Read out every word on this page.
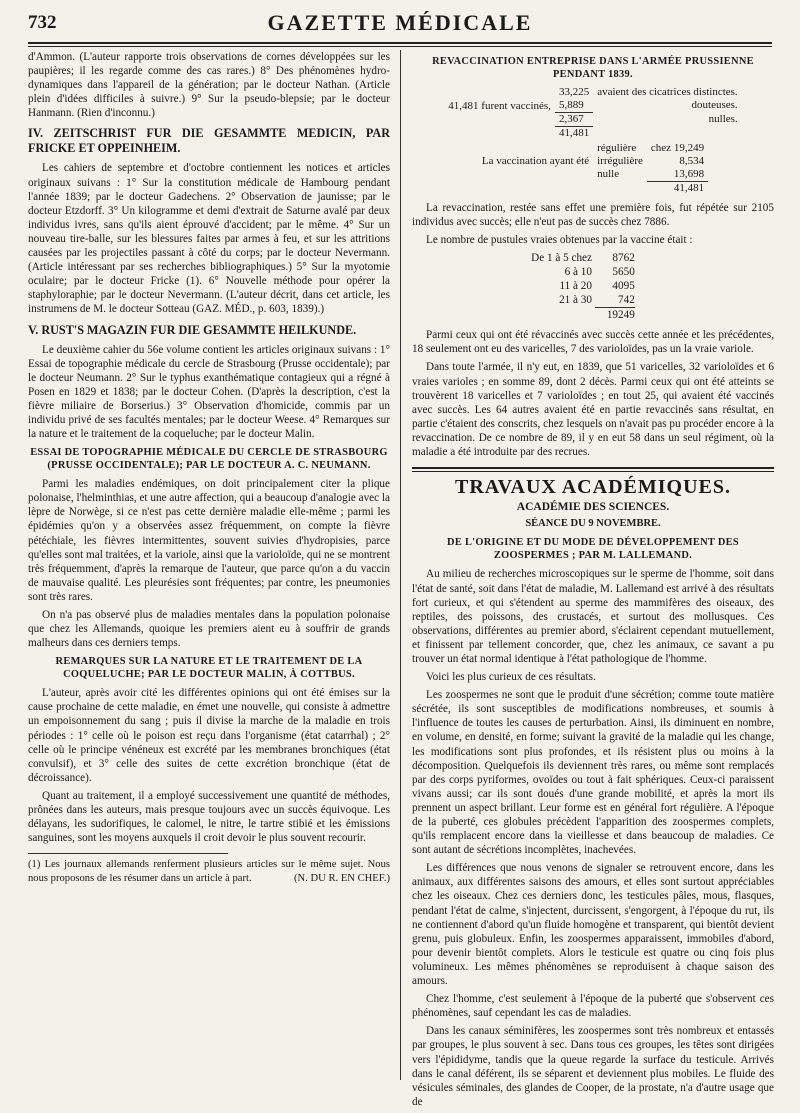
732	GAZETTE MÉDICALE

d'Ammon. (L'auteur rapporte trois observations de cornes développées sur les paupières; il les regarde comme des cas rares.) 8° Des phénomènes hydro-dynamiques dans l'appareil de la génération; par le docteur Nathan. (Article plein d'idées difficiles à suivre.) 9° Sur la pseudo-blepsie; par le docteur Hanmann. (Rien d'inconnu.)

IV. ZEITSCHRIST FUR DIE GESAMMTE MEDICIN, PAR FRICKE ET OPPEINHEIM.

Les cahiers de septembre et d'octobre contiennent les notices et articles originaux suivans : 1° Sur la constitution médicale de Hambourg pendant l'année 1839; par le docteur Gadechens. 2° Observation de jaunisse; par le docteur Etzdorff. 3° Un kilogramme et demi d'extrait de Saturne avalé par deux individus ivres, sans qu'ils aient éprouvé d'accident; par le même. 4° Sur un nouveau tire-balle, sur les blessures faites par armes à feu, et sur les attritions causées par les projectiles passant à côté du corps; par le docteur Nevermann. (Article intéressant par ses recherches bibliographiques.) 5° Sur la myotomie oculaire; par le docteur Fricke (1). 6° Nouvelle méthode pour opérer la staphyloraphie; par le docteur Nevermann. (L'auteur décrit, dans cet article, les instrumens de M. le docteur Sotteau (GAZ. MÉD., p. 603, 1839).)

V. RUST'S MAGAZIN FUR DIE GESAMMTE HEILKUNDE.

Le deuxième cahier du 56e volume contient les articles originaux suivans : 1° Essai de topographie médicale du cercle de Strasbourg (Prusse occidentale); par le docteur Neumann. 2° Sur le typhus exanthématique contagieux qui a régné à Posen en 1829 et 1838; par le docteur Cohen. (D'après la description, c'est la fièvre miliaire de Borserius.) 3° Observation d'homicide, commis par un individu privé de ses facultés mentales; par le docteur Weese. 4° Remarques sur la nature et le traitement de la coqueluche; par le docteur Malin.

ESSAI DE TOPOGRAPHIE MÉDICALE DU CERCLE DE STRASBOURG (PRUSSE OCCIDENTALE); PAR LE DOCTEUR A. C. NEUMANN.

Parmi les maladies endémiques, on doit principalement citer la plique polonaise, l'helminthias, et une autre affection, qui a beaucoup d'analogie avec la lèpre de Norwège, si ce n'est pas cette dernière maladie elle-même ; parmi les épidémies qu'on y a observées assez fréquemment, on compte la fièvre pétéchiale, les fièvres intermittentes, souvent suivies d'hydropisies, parce qu'elles sont mal traitées, et la variole, ainsi que la varioloïde, qui ne se montrent très fréquemment, d'après la remarque de l'auteur, que parce qu'on a du vaccin de mauvaise qualité. Les pleurésies sont fréquentes; par contre, les pneumonies sont très rares.

On n'a pas observé plus de maladies mentales dans la population polonaise que chez les Allemands, quoique les premiers aient eu à souffrir de grands malheurs dans ces derniers temps.

REMARQUES SUR LA NATURE ET LE TRAITEMENT DE LA COQUELUCHE; PAR LE DOCTEUR MALIN, À COTTBUS.

L'auteur, après avoir cité les différentes opinions qui ont été émises sur la cause prochaine de cette maladie, en émet une nouvelle, qui consiste à admettre un empoisonnement du sang ; puis il divise la marche de la maladie en trois périodes : 1° celle où le poison est reçu dans l'organisme (état catarrhal) ; 2° celle où le principe vénéneux est excrété par les membranes bronchiques (état convulsif), et 3° celle des suites de cette excrétion bronchique (état de décroissance).

Quant au traitement, il a employé successivement une quantité de méthodes, prônées dans les auteurs, mais presque toujours avec un succès équivoque. Les délayans, les sudorifiques, le calomel, le nitre, le tartre stibié et les émissions sanguines, sont les moyens auxquels il croit devoir le plus souvent recourir.

(1) Les journaux allemands renferment plusieurs articles sur le même sujet. Nous nous proposons de les résumer dans un article à part.	(N. DU R. EN CHEF.)
REVACCINATION ENTREPRISE DANS L'ARMÉE PRUSSIENNE PENDANT 1839.
41,481 furent vaccinés,	33,225	avaient des cicatrices distinctes.
	5,889	douteuses.
	2,367	nulles.
	41,481	
La vaccination ayant été	régulière	chez 19,249
	irrégulière	8,534
	nulle	13,698
		41,481

La revaccination, restée sans effet une première fois, fut répétée sur 2105 individus avec succès; elle n'eut pas de succès chez 7886.

Le nombre de pustules vraies obtenues par la vaccine était :

De 1 à 5 chez 8762
6 à 10 5650
11 à 20 4095
21 à 30 742
19249

Parmi ceux qui ont été révaccinés avec succès cette année et les précédentes, 18 seulement ont eu des varicelles, 7 des varioloïdes, pas un la vraie variole.

Dans toute l'armée, il n'y eut, en 1839, que 51 varicelles, 32 varioloïdes et 6 vraies varioles ; en somme 89, dont 2 décès. Parmi ceux qui ont été atteints se trouvèrent 18 varicelles et 7 varioloïdes ; en tout 25, qui avaient été vaccinés avec succès. Les 64 autres avaient été en partie revaccinés sans résultat, en partie c'étaient des conscrits, chez lesquels on n'avait pas pu procéder encore à la revaccination. De ce nombre de 89, il y en eut 58 dans un seul régiment, où la maladie a été introduite par des recrues.

TRAVAUX ACADÉMIQUES.
ACADÉMIE DES SCIENCES.
SÉANCE DU 9 NOVEMBRE.
DE L'ORIGINE ET DU MODE DE DÉVELOPPEMENT DES ZOOSPERMES ; PAR M. LALLEMAND.

Au milieu de recherches microscopiques sur le sperme de l'homme, soit dans l'état de santé, soit dans l'état de maladie, M. Lallemand est arrivé à des résultats fort curieux, et qui s'étendent au sperme des mammifères des oiseaux, des reptiles, des poissons, des crustacés, et surtout des mollusques. Ces observations, différentes au premier abord, s'éclairent cependant mutuellement, et finissent par tellement concorder, que, chez les animaux, ce savant a pu trouver un état normal identique à l'état pathologique de l'homme.

Voici les plus curieux de ces résultats.

Les zoospermes ne sont que le produit d'une sécrétion; comme toute matière sécrétée, ils sont susceptibles de modifications nombreuses, et soumis à l'influence de toutes les causes de perturbation. Ainsi, ils diminuent en nombre, en volume, en densité, en forme; suivant la gravité de la maladie qui les change, les modifications sont plus profondes, et ils résistent plus ou moins à la décomposition. Quelquefois ils deviennent très rares, ou même sont remplacés par des corps pyriformes, ovoïdes ou tout à fait sphériques. Ceux-ci paraissent vivans aussi; car ils sont doués d'une grande mobilité, et après la mort ils prennent un aspect brillant. Leur forme est en général fort régulière. A l'époque de la puberté, ces globules précèdent l'apparition des zoospermes complets, qu'ils remplacent encore dans la vieillesse et dans beaucoup de maladies. Ce sont autant de sécrétions incomplètes, inachevées.

Les différences que nous venons de signaler se retrouvent encore, dans les animaux, aux différentes saisons des amours, et elles sont surtout appréciables chez les oiseaux. Chez ces derniers donc, les testicules pâles, mous, flasques, pendant l'état de calme, s'injectent, durcissent, s'engorgent, à l'époque du rut, ils ne contiennent d'abord qu'un fluide homogène et transparent, qui bientôt devient grenu, puis globuleux. Enfin, les zoospermes apparaissent, immobiles d'abord, pour devenir bientôt complets. Alors le testicule est quatre ou cinq fois plus volumineux. Les mêmes phénomènes se reproduisent à chaque saison des amours.

Chez l'homme, c'est seulement à l'époque de la puberté que s'observent ces phénomènes, sauf cependant les cas de maladies.

Dans les canaux séminifères, les zoospermes sont très nombreux et entassés par groupes, le plus souvent à sec. Dans tous ces groupes, les têtes sont dirigées vers l'épididyme, tandis que la queue regarde la surface du testicule. Arrivés dans le canal déférent, ils se séparent et deviennent plus mobiles. Le fluide des vésicules séminales, des glandes de Cooper, de la prostate, n'a d'autre usage que de
